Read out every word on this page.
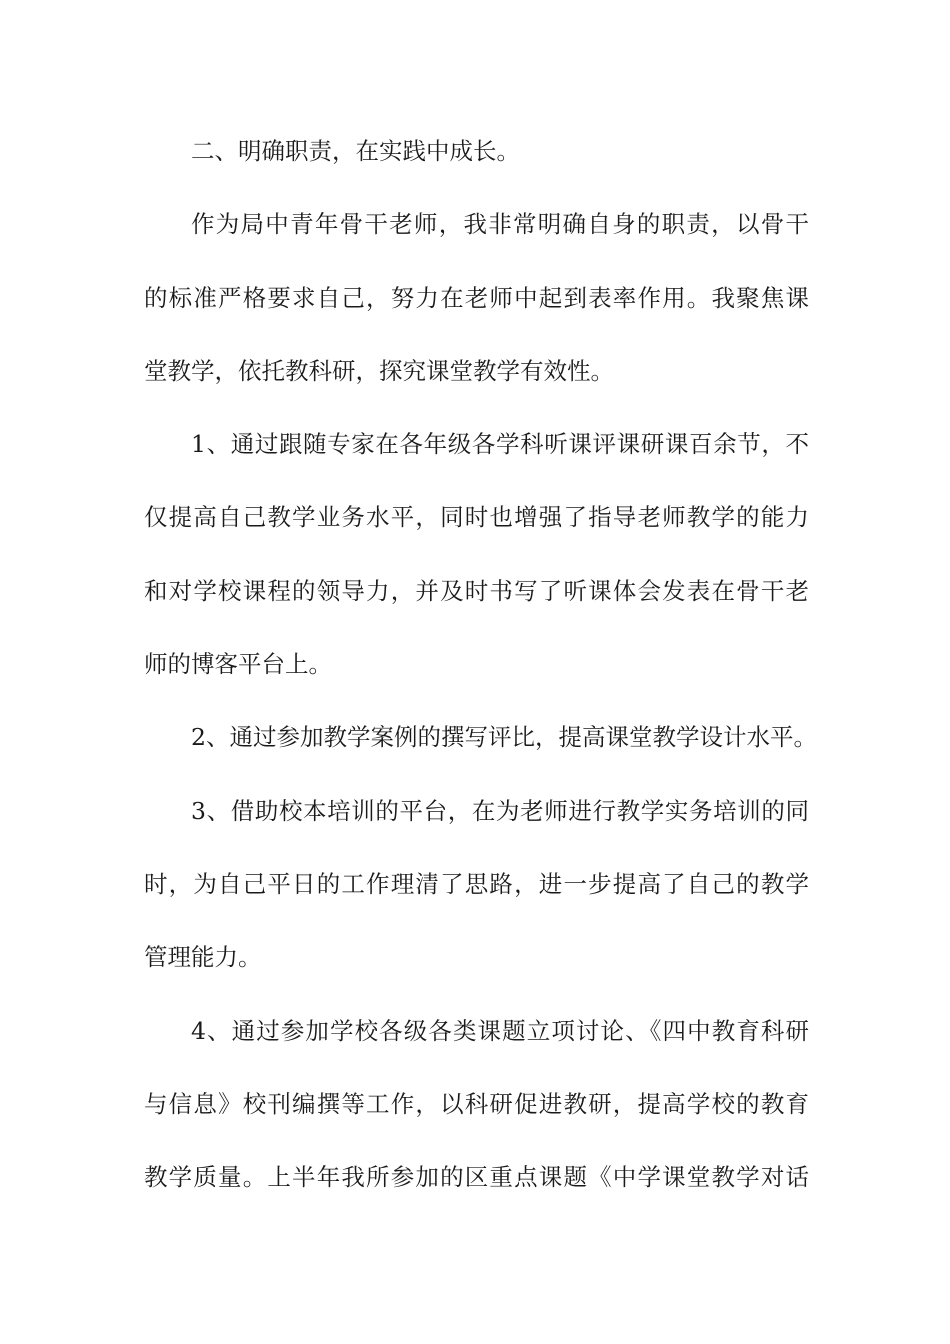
二、明确职责，在实践中成长。
作为局中青年骨干老师，我非常明确自身的职责，以骨干
的标准严格要求自己，努力在老师中起到表率作用。我聚焦课
堂教学，依托教科研，探究课堂教学有效性。
1、通过跟随专家在各年级各学科听课评课研课百余节，不
仅提高自己教学业务水平，同时也增强了指导老师教学的能力
和对学校课程的领导力，并及时书写了听课体会发表在骨干老
师的博客平台上。
2、通过参加教学案例的撰写评比，提高课堂教学设计水平。
3、借助校本培训的平台，在为老师进行教学实务培训的同
时，为自己平日的工作理清了思路，进一步提高了自己的教学
管理能力。
4、通过参加学校各级各类课题立项讨论、《四中教育科研
与信息》校刊编撰等工作，以科研促进教研，提高学校的教育
教学质量。上半年我所参加的区重点课题《中学课堂教学对话
